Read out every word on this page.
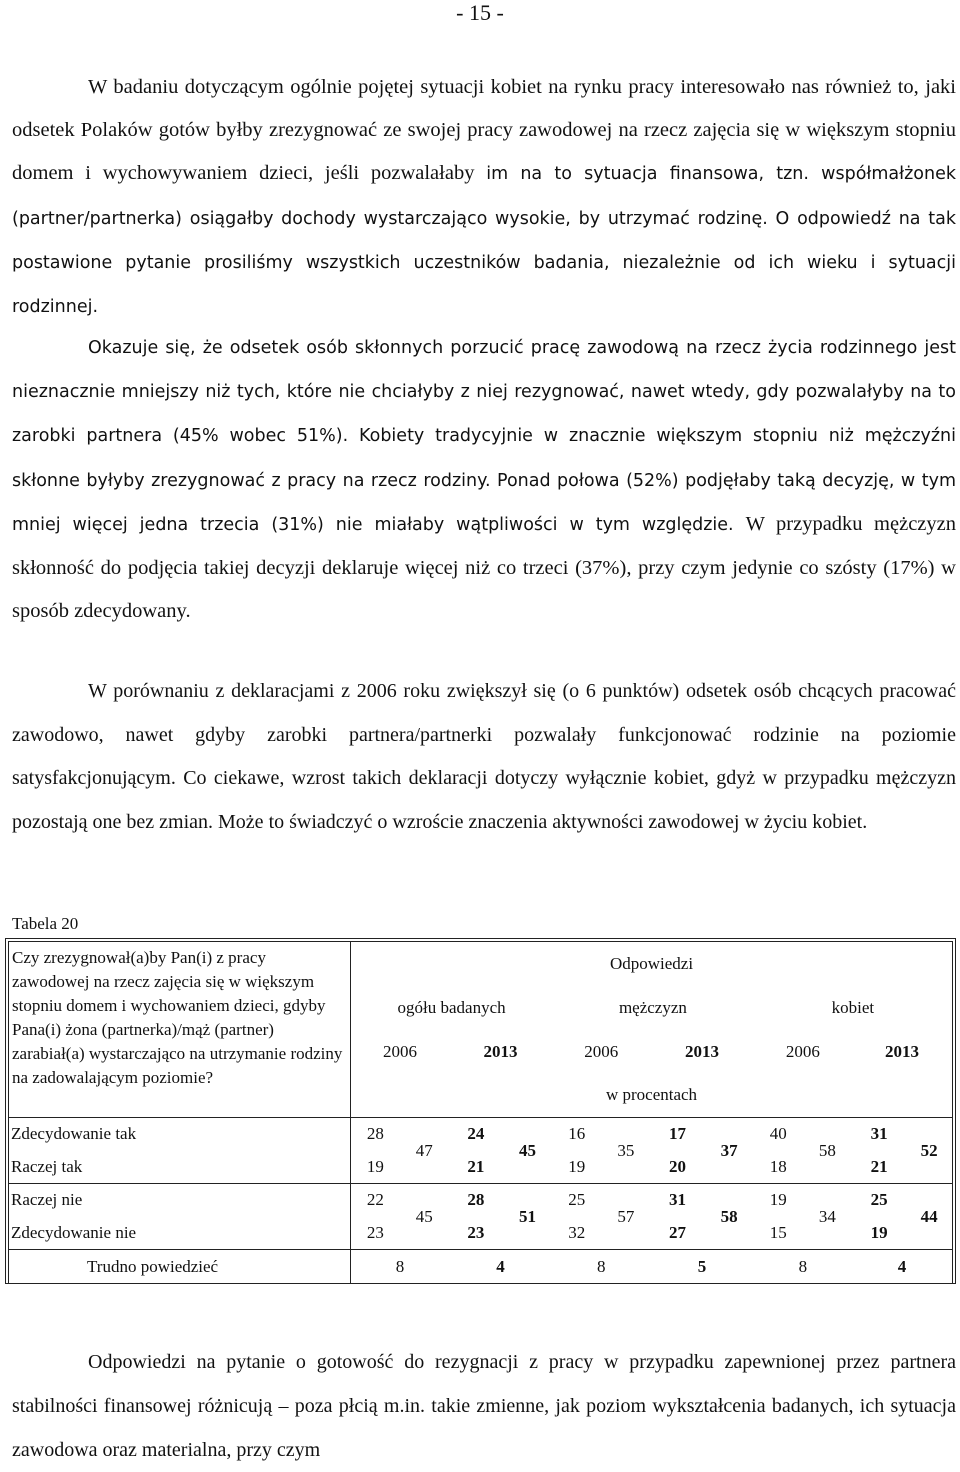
- 15 -
W badaniu dotyczącym ogólnie pojętej sytuacji kobiet na rynku pracy interesowało nas również to, jaki odsetek Polaków gotów byłby zrezygnować ze swojej pracy zawodowej na rzecz zajęcia się w większym stopniu domem i wychowywaniem dzieci, jeśli pozwalałaby im na to sytuacja finansowa, tzn. współmałżonek (partner/partnerka) osiągałby dochody wystarczająco wysokie, by utrzymać rodzinę. O odpowiedź na tak postawione pytanie prosiliśmy wszystkich uczestników badania, niezależnie od ich wieku i sytuacji rodzinnej.
Okazuje się, że odsetek osób skłonnych porzucić pracę zawodową na rzecz życia rodzinnego jest nieznacznie mniejszy niż tych, które nie chciałyby z niej rezygnować, nawet wtedy, gdy pozwalałyby na to zarobki partnera (45% wobec 51%). Kobiety tradycyjnie w znacznie większym stopniu niż mężczyźni skłonne byłyby zrezygnować z pracy na rzecz rodziny. Ponad połowa (52%) podjęłaby taką decyzję, w tym mniej więcej jedna trzecia (31%) nie miałaby wątpliwości w tym względzie. W przypadku mężczyzn skłonność do podjęcia takiej decyzji deklaruje więcej niż co trzeci (37%), przy czym jedynie co szósty (17%) w sposób zdecydowany.
W porównaniu z deklaracjami z 2006 roku zwiększył się (o 6 punktów) odsetek osób chcących pracować zawodowo, nawet gdyby zarobki partnera/partnerki pozwalały funkcjonować rodzinie na poziomie satysfakcjonującym. Co ciekawe, wzrost takich deklaracji dotyczy wyłącznie kobiet, gdyż w przypadku mężczyzn pozostają one bez zmian. Może to świadczyć o wzroście znaczenia aktywności zawodowej w życiu kobiet.
Tabela 20
Czy zrezygnował(a)by Pan(i) z pracy zawodowej na rzecz zajęcia się w większym stopniu domem i wychowaniem dzieci, gdyby Pana(i) żona (partnerka)/mąż (partner) zarabiał(a) wystarczająco na utrzymanie rodziny na zadowalającym poziomie?	Odpowiedzi											
	ogółu badanych				mężczyzn				kobiet			
	2006		2013		2006		2013		2006		2013	
	w procentach											
Zdecydowanie tak	28	47	24	45	16	35	17	37	40	58	31	52
Raczej tak	19		21		19		20		18		21	
Raczej nie	22	45	28	51	25	57	31	58	19	34	25	44
Zdecydowanie nie	23		23		32		27		15		19	
Trudno powiedzieć	8		4		8		5		8		4	
Odpowiedzi na pytanie o gotowość do rezygnacji z pracy w przypadku zapewnionej przez partnera stabilności finansowej różnicują – poza płcią m.in. takie zmienne, jak poziom wykształcenia badanych, ich sytuacja zawodowa oraz materialna, przy czym
